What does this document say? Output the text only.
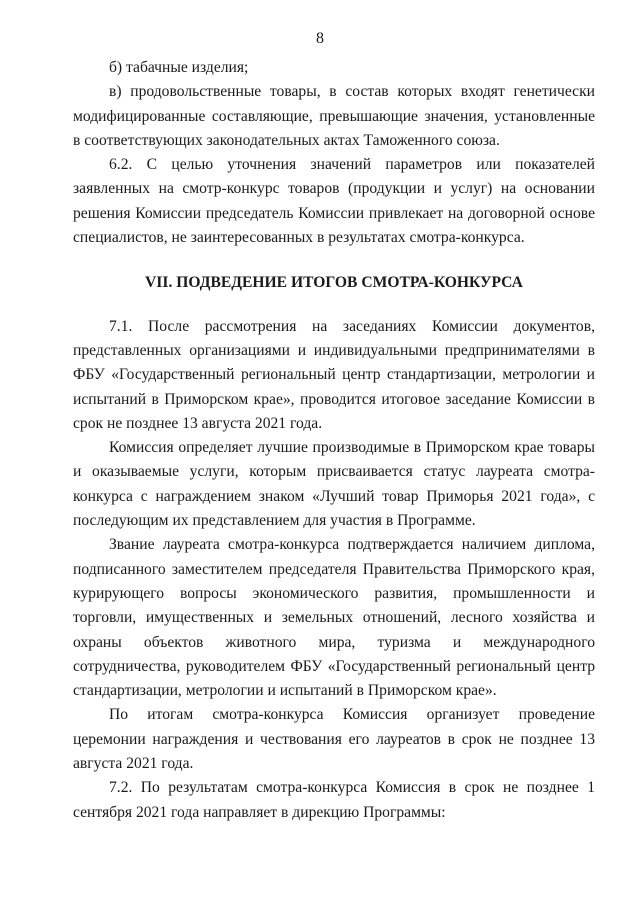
8

б) табачные изделия;

в) продовольственные товары, в состав которых входят генетически модифицированные составляющие, превышающие значения, установленные в соответствующих законодательных актах Таможенного союза.

6.2. С целью уточнения значений параметров или показателей заявленных на смотр-конкурс товаров (продукции и услуг) на основании решения Комиссии председатель Комиссии привлекает на договорной основе специалистов, не заинтересованных в результатах смотра-конкурса.

VII. ПОДВЕДЕНИЕ ИТОГОВ СМОТРА-КОНКУРСА

7.1. После рассмотрения на заседаниях Комиссии документов, представленных организациями и индивидуальными предпринимателями в ФБУ «Государственный региональный центр стандартизации, метрологии и испытаний в Приморском крае», проводится итоговое заседание Комиссии в срок не позднее 13 августа 2021 года.

Комиссия определяет лучшие производимые в Приморском крае товары и оказываемые услуги, которым присваивается статус лауреата смотра-конкурса с награждением знаком «Лучший товар Приморья 2021 года», с последующим их представлением для участия в Программе.

Звание лауреата смотра-конкурса подтверждается наличием диплома, подписанного заместителем председателя Правительства Приморского края, курирующего вопросы экономического развития, промышленности и торговли, имущественных и земельных отношений, лесного хозяйства и охраны объектов животного мира, туризма и международного сотрудничества, руководителем ФБУ «Государственный региональный центр стандартизации, метрологии и испытаний в Приморском крае».

По итогам смотра-конкурса Комиссия организует проведение церемонии награждения и чествования его лауреатов в срок не позднее 13 августа 2021 года.

7.2. По результатам смотра-конкурса Комиссия в срок не позднее 1 сентября 2021 года направляет в дирекцию Программы:
